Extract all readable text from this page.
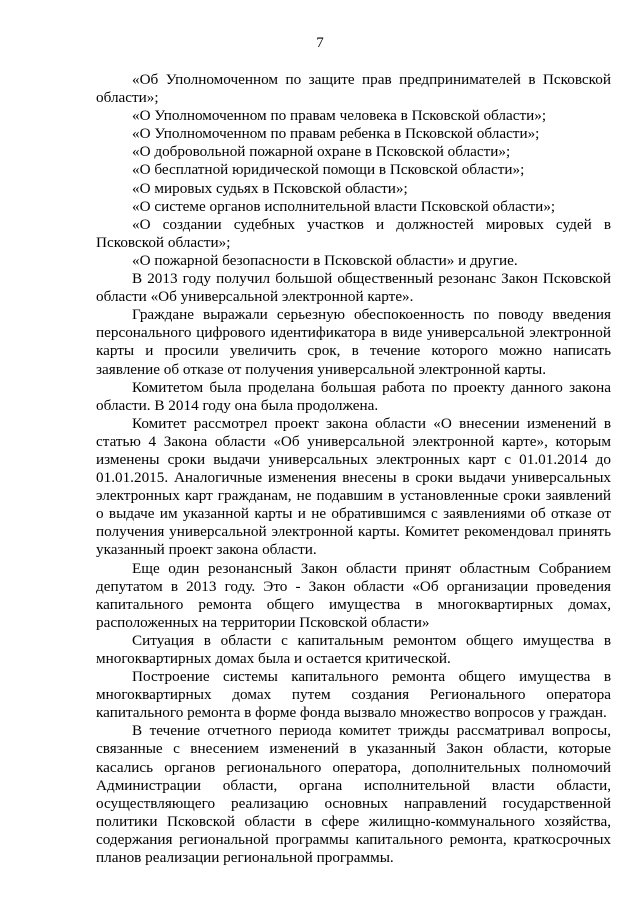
7

«Об Уполномоченном по защите прав предпринимателей в Псковской области»;

«О Уполномоченном по правам человека в Псковской области»;

«О Уполномоченном по правам ребенка в Псковской области»;

«О добровольной пожарной охране в Псковской области»;

«О бесплатной юридической помощи в Псковской области»;

«О мировых судьях в Псковской области»;

«О системе органов исполнительной власти Псковской области»;

«О создании судебных участков и должностей мировых судей в Псковской области»;

«О пожарной безопасности в Псковской области» и другие.

В 2013 году получил большой общественный резонанс Закон Псковской области «Об универсальной электронной карте».

Граждане выражали серьезную обеспокоенность по поводу введения персонального цифрового идентификатора в виде универсальной электронной карты и просили увеличить срок, в течение которого можно написать заявление об отказе от получения универсальной электронной карты.

Комитетом была проделана большая работа по проекту данного закона области. В 2014 году она была продолжена.

Комитет рассмотрел проект закона области «О внесении изменений в статью 4 Закона области «Об универсальной электронной карте», которым изменены сроки выдачи универсальных электронных карт с 01.01.2014 до 01.01.2015. Аналогичные изменения внесены в сроки выдачи универсальных электронных карт гражданам, не подавшим в установленные сроки заявлений о выдаче им указанной карты и не обратившимся с заявлениями об отказе от получения универсальной электронной карты. Комитет рекомендовал принять указанный проект закона области.

Еще один резонансный Закон области принят областным Собранием депутатом в 2013 году. Это - Закон области «Об организации проведения капитального ремонта общего имущества в многоквартирных домах, расположенных на территории Псковской области»

Ситуация в области с капитальным ремонтом общего имущества в многоквартирных домах была и остается критической.

Построение системы капитального ремонта общего имущества в многоквартирных домах путем создания Регионального оператора капитального ремонта в форме фонда вызвало множество вопросов у граждан.

В течение отчетного периода комитет трижды рассматривал вопросы, связанные с внесением изменений в указанный Закон области, которые касались органов регионального оператора, дополнительных полномочий Администрации области, органа исполнительной власти области, осуществляющего реализацию основных направлений государственной политики Псковской области в сфере жилищно-коммунального хозяйства, содержания региональной программы капитального ремонта, краткосрочных планов реализации региональной программы.
